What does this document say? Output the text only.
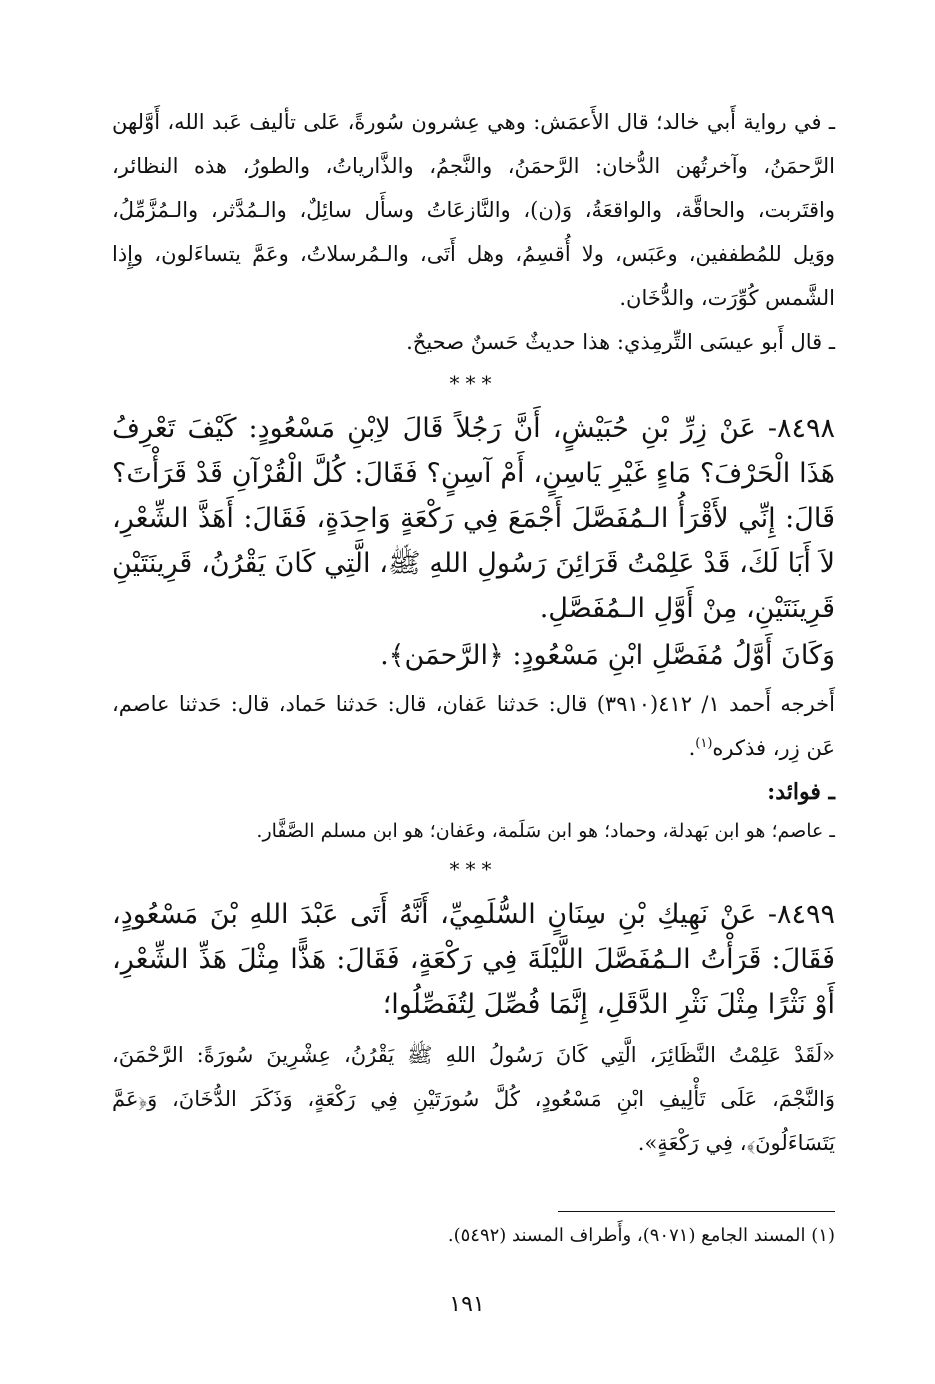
ـ في رواية أَبي خالد؛ قال الأَعمَش: وهي عِشرون سُورةً، عَلى تأليف عَبد الله، أَوَّلهن الرَّحمَنُ، وآخرتُهن الدُّخان: الرَّحمَنُ، والنَّجمُ، والذَّارياتُ، والطورُ، هذه النظائر، واقتَربت، والحاقَّة، والواقعَةُ، وَ(ن)، والنَّازعَاتُ وسأَل سائِلٌ، والـمُدَّثر، والـمُزَّمِّلُ، ووَيل للمُطففين، وعَبَس، ولا أُقسِمُ، وهل أَتَى، والـمُرسلاتُ، وعَمَّ يتساءَلون، وإِذا الشَّمس كُوِّرَت، والدُّخَان.

ـ قال أَبو عيسَى التِّرمِذي: هذا حديثٌ حَسنٌ صحيحٌ.

***

٨٤٩٨- عَنْ زِرِّ بْنِ حُبَيْشٍ، أَنَّ رَجُلاً قَالَ لاِبْنِ مَسْعُودٍ: كَيْفَ تَعْرِفُ هَذَا الْحَرْفَ؟ مَاءٍ غَيْرِ يَاسِنٍ، أَمْ آسِنٍ؟ فَقَالَ: كُلَّ الْقُرْآنِ قَدْ قَرَأْتَ؟ قَالَ: إِنِّي لأَقْرَأُ الـمُفَصَّلَ أَجْمَعَ فِي رَكْعَةٍ وَاحِدَةٍ، فَقَالَ: أَهَذَّ الشِّعْرِ، لاَ أَبَا لَكَ، قَدْ عَلِمْتُ قَرَائِنَ رَسُولِ اللهِ ﷺ، الَّتِي كَانَ يَقْرُنُ، قَرِينَتَيْنِ قَرِينَتَيْنِ، مِنْ أَوَّلِ الـمُفَصَّلِ.

وَكَانَ أَوَّلُ مُفَصَّلِ ابْنِ مَسْعُودٍ: ﴿الرَّحمَن﴾.

أَخرجه أَحمد ١/ ٤١٢(٣٩١٠) قال: حَدثنا عَفان، قال: حَدثنا حَماد، قال: حَدثنا عاصم، عَن زِر، فذكره$^{(١)}$.

ـ فوائد:

ـ عاصم؛ هو ابن بَهدلة، وحماد؛ هو ابن سَلَمة، وعَفان؛ هو ابن مسلم الصَّفَّار.

***

٨٤٩٩- عَنْ نَهِيكِ بْنِ سِنَانٍ السُّلَمِيِّ، أَنَّهُ أَتَى عَبْدَ اللهِ بْنَ مَسْعُودٍ، فَقَالَ: قَرَأْتُ الـمُفَصَّلَ اللَّيْلَةَ فِي رَكْعَةٍ، فَقَالَ: هَذًّا مِثْلَ هَذِّ الشِّعْرِ، أَوْ نَثْرًا مِثْلَ نَثْرِ الدَّقَلِ، إِنَّمَا فُصِّلَ لِتُفَصِّلُوا؛

«لَقَدْ عَلِمْتُ النَّظَائِرَ، الَّتِي كَانَ رَسُولُ اللهِ ﷺ يَقْرُنُ، عِشْرِينَ سُورَةً: الرَّحْمَنَ، وَالنَّجْمَ، عَلَى تَأْلِيفِ ابْنِ مَسْعُودٍ، كُلَّ سُورَتَيْنِ فِي رَكْعَةٍ، وَذَكَرَ الدُّخَانَ، وَ﴿عَمَّ يَتَسَاءَلُونَ﴾، فِي رَكْعَةٍ».

(١) المسند الجامع (٩٠٧١)، وأَطراف المسند (٥٤٩٢).

١٩١
